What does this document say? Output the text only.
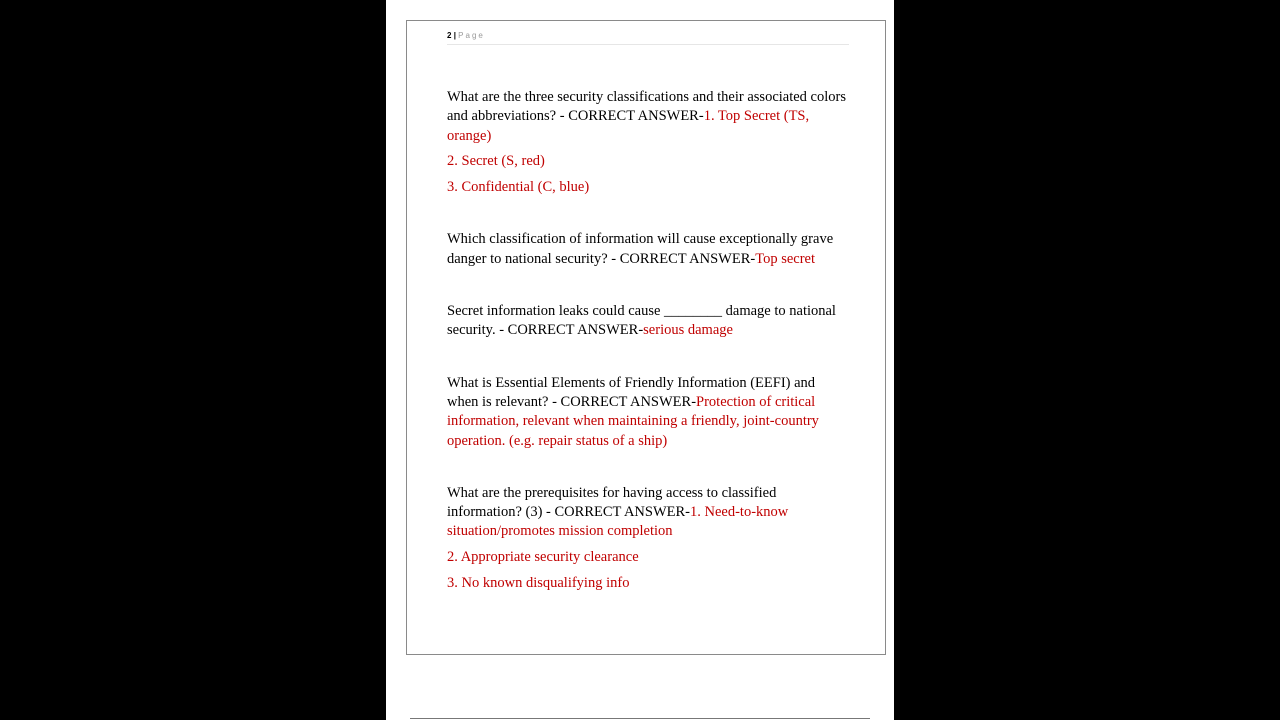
2 | Page

What are the three security classifications and their associated colors and abbreviations? - CORRECT ANSWER-1. Top Secret (TS, orange)

2. Secret (S, red)

3. Confidential (C, blue)

Which classification of information will cause exceptionally grave danger to national security? - CORRECT ANSWER-Top secret

Secret information leaks could cause ________ damage to national security. - CORRECT ANSWER-serious damage

What is Essential Elements of Friendly Information (EEFI) and when is relevant? - CORRECT ANSWER-Protection of critical information, relevant when maintaining a friendly, joint-country operation. (e.g. repair status of a ship)

What are the prerequisites for having access to classified information? (3) - CORRECT ANSWER-1. Need-to-know situation/promotes mission completion

2. Appropriate security clearance

3. No known disqualifying info
